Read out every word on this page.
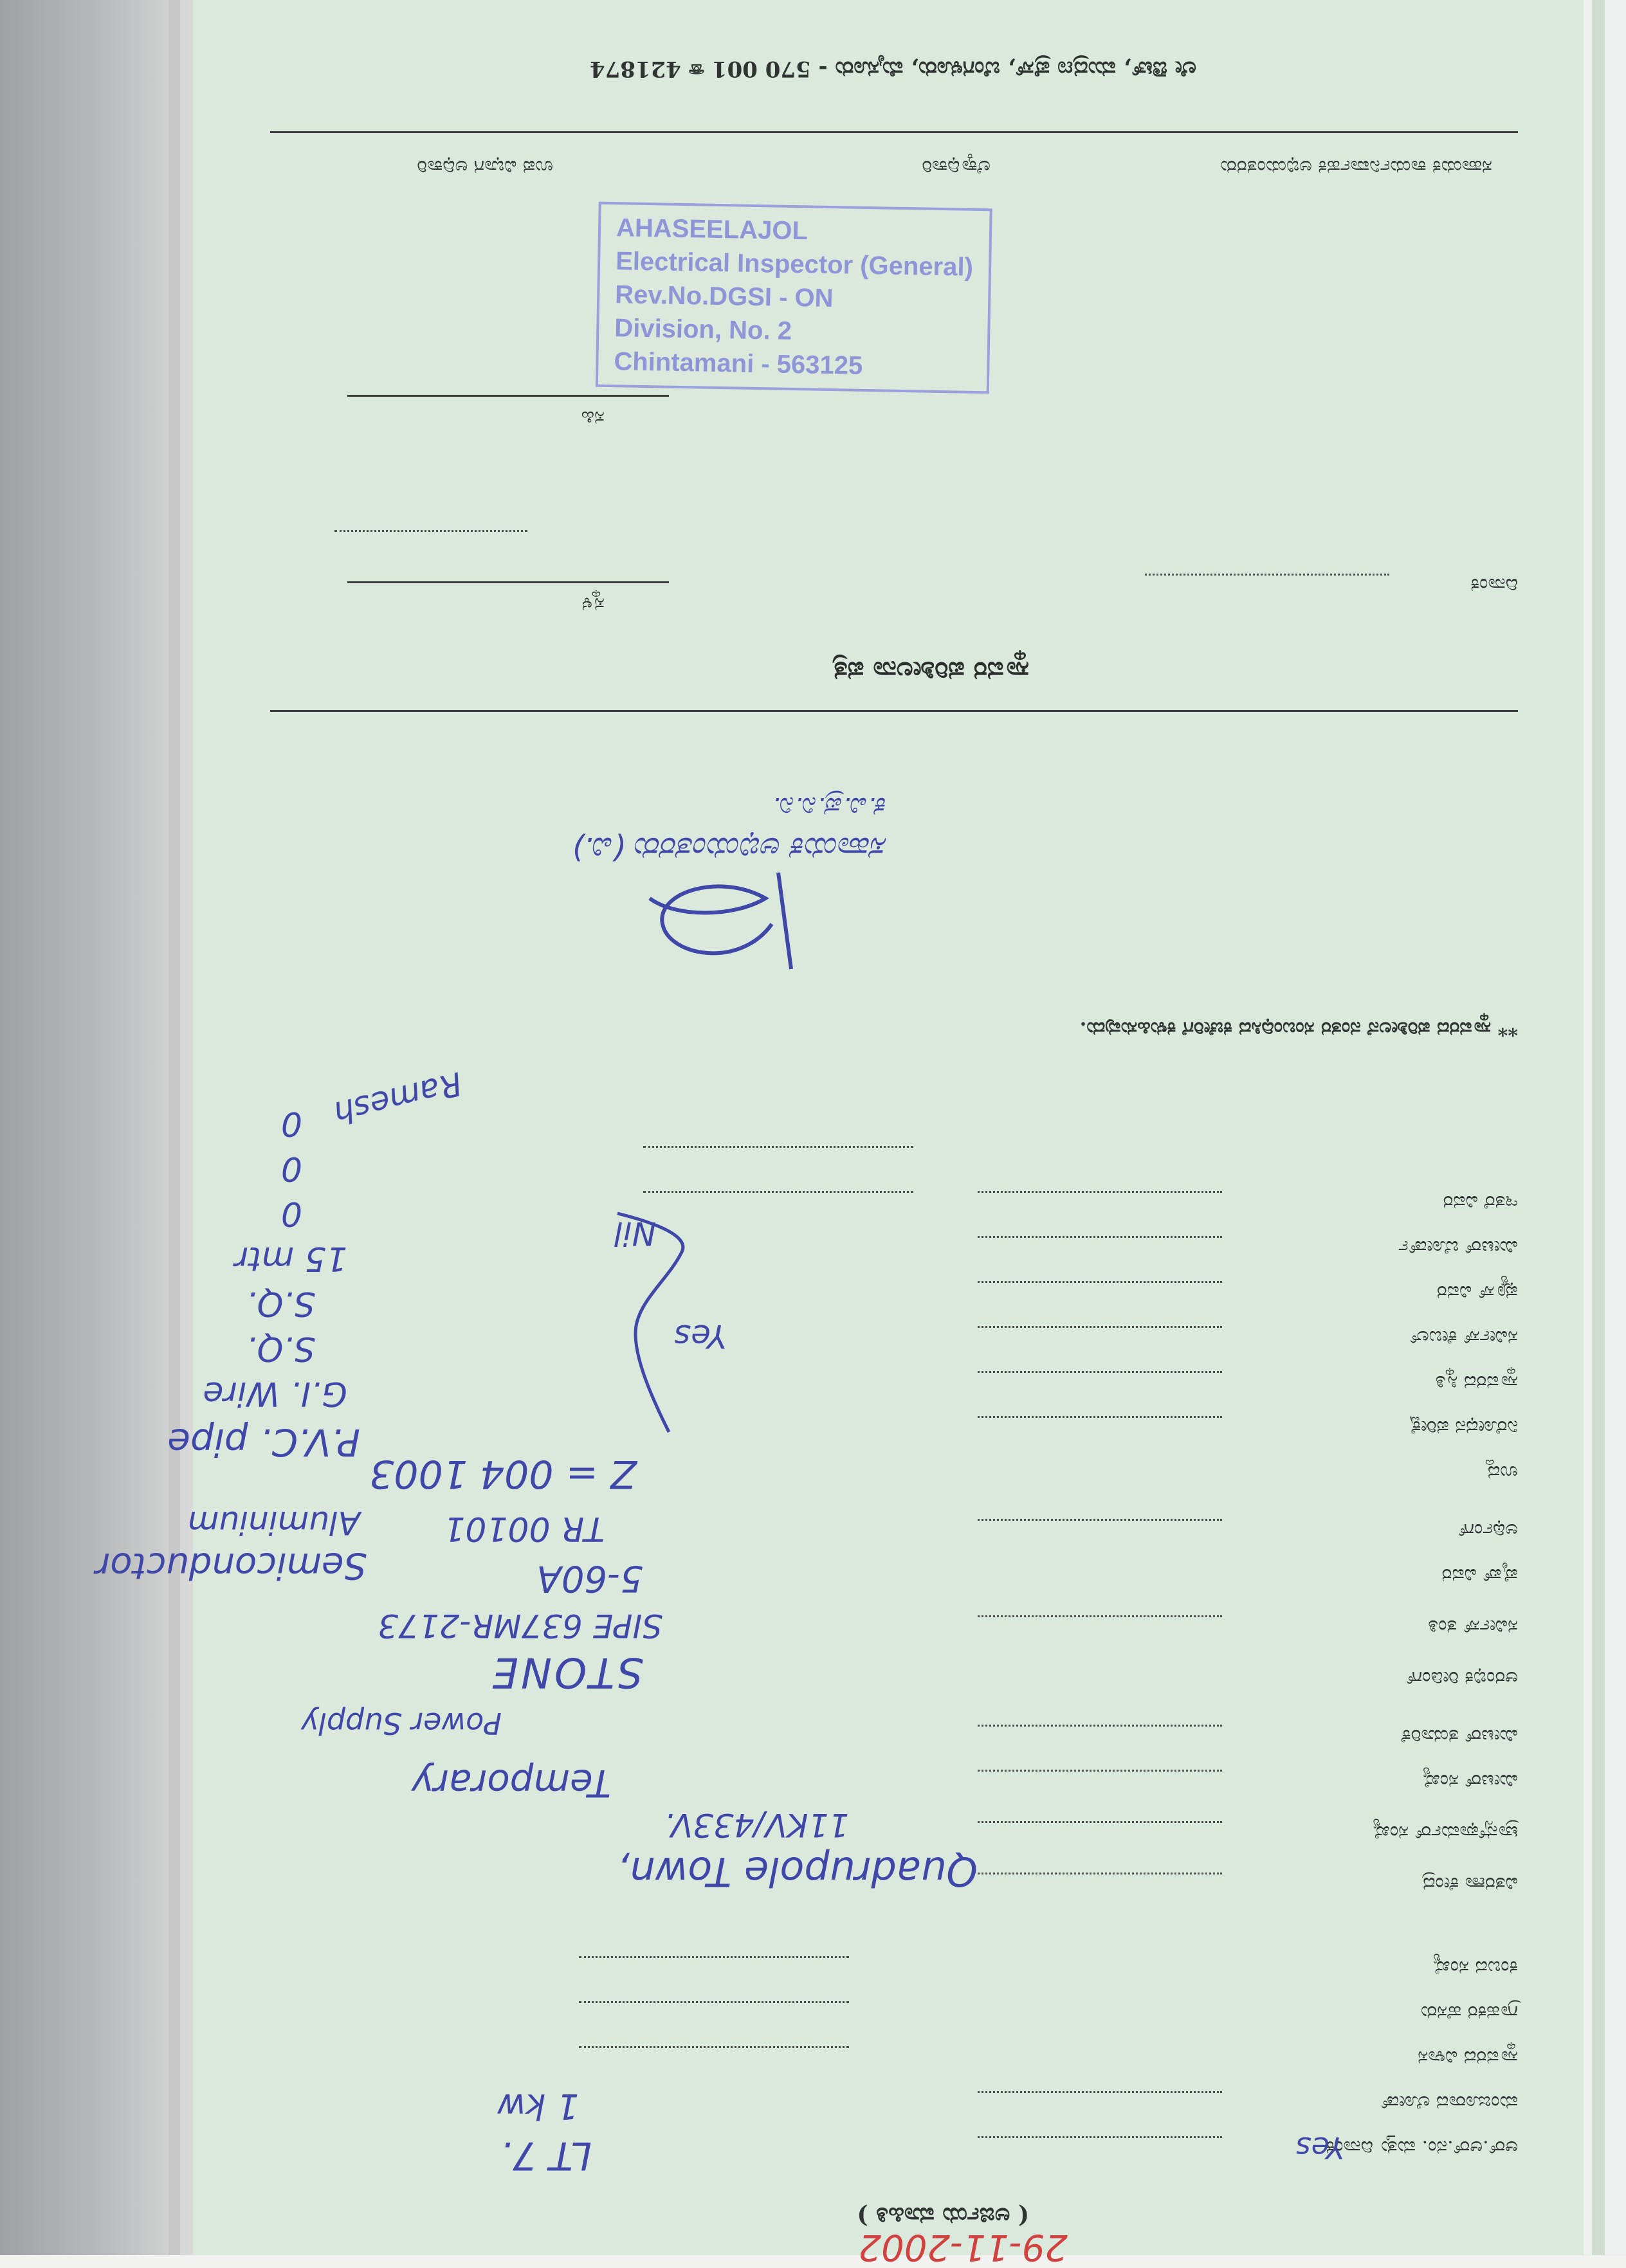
( ಅರ್ಜಿಯ ಮಾಹಿತಿ )
29-11-2002
ಆರ್.ಆರ್.ನಂ. ಮತ್ತು ದಿನಾಂಕ
LT 7.	Yes
ಮಂಜೂರಾದ ಲೋಡ್
1 kw
ಸ್ಥಾವರದ ವಿಳಾಸ
ಗ್ರಾಹಕರ ಹೆಸರು
ಕಂಬದ ಸಂಖ್ಯೆ
Quadrupole Town,
11KV/433V.
ವಿತರಣಾ ಕೇಂದ್ರ
ಟ್ರಾನ್ಸ್‌ಫಾರ್ಮರ್ ಸಂಖ್ಯೆ
Temporary
Power Supply
ಮೀಟರ್ ಸಂಖ್ಯೆ
ಮೀಟರ್ ತಯಾರಿಕೆ
STONE
SIPE 637MR-2173
ಆರಂಭಿಕ ರೀಡಿಂಗ್
ಸರ್ವೀಸ್ ತಂತಿ
5-60A
TR 00101
Semiconductor
Aluminium
ಪೈಪ್ ವಿವರ
ಅರ್ಥಿಂಗ್
Z = 004 1003
P.V.C. pipe
G.I. Wire
S.Q.
S.Q.
15 mtr
ಉದ್ದ
ನಿರೋಧನ ಪರೀಕ್ಷೆ
ಸ್ಥಾವರದ ಸ್ಥಿತಿ
ಸರ್ವೀಸ್ ಕೇಬಲ್
Yes
ಫ್ಯೂಸ್ ವಿವರ
Nil
0
0
0
ಮೀಟರ್ ಬೋರ್ಡ್
ಇತರೆ ವಿವರ
Ramesh
** ಸ್ಥಾವರದ ಪರಿಶೀಲನೆ ನಂತರ ಸಂಬಂಧಿಸಿದ ಕಚೇರಿಗೆ ಕಳುಹಿಸುವುದು.
ಸಹಾಯಕ ಅಭಿಯಂತರರು (ವಿ.)
ಕ.ವಿ.ಪ್ರ.ನಿ.ನಿ.
ಸ್ಥಾವರ ಪರಿಶೀಲನಾ ಪತ್ರ
ದಿನಾಂಕ
ಸ್ಥಳ
AHASEELAJOL
Electrical Inspector (General)
Rev.No.DGSI - ON
Division, No. 2
Chintamani - 563125
ಸಹಿ
ಸಹಾಯಕ ಕಾರ್ಯನಿರ್ವಾಹಕ ಅಭಿಯಂತರರು
ಲೆಕ್ಕಾಧಿಕಾರಿ
ಉಪ ವಿಭಾಗ ಅಧಿಕಾರಿ
ಲೇ ಔಟ್, ಮುದ್ರಣ ಪ್ರೆಸ್, ಬೆಂಗಳೂರು, ಮೈಸೂರು - 570 001 ☏ 421874
